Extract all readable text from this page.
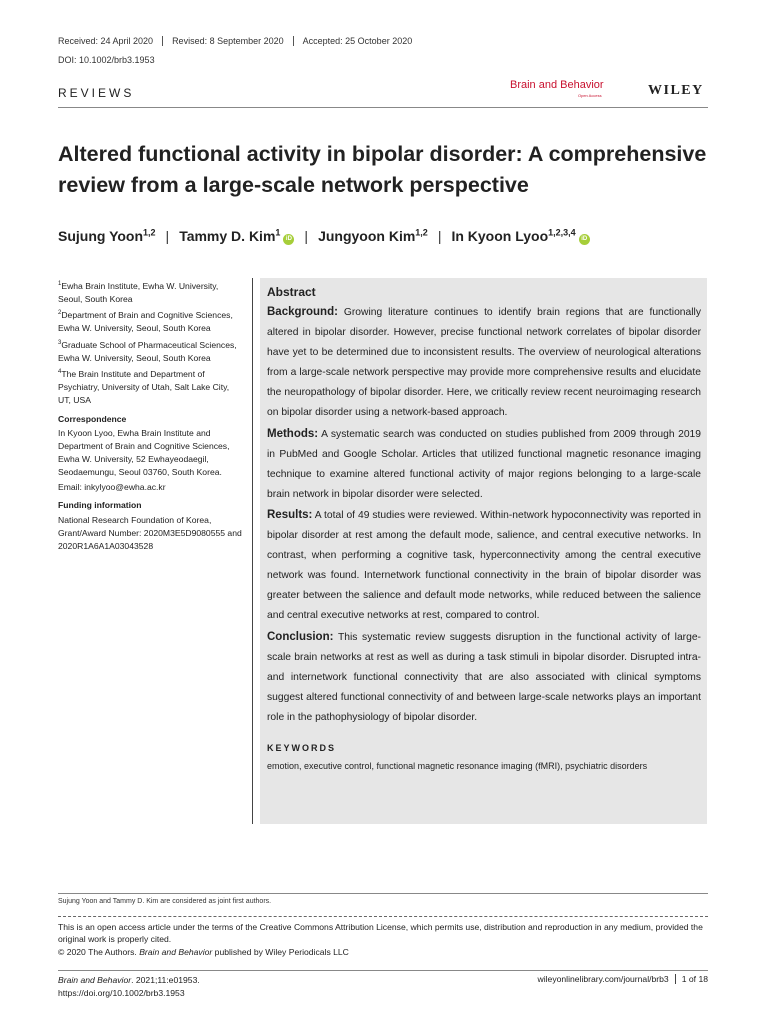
Received: 24 April 2020	Revised: 8 September 2020	Accepted: 25 October 2020
DOI: 10.1002/brb3.1953
REVIEWS
Brain and Behavior
Open Access	WILEY
Altered functional activity in bipolar disorder: A comprehensive review from a large-scale network perspective
Sujung Yoon$^{1,2}$ | Tammy D. Kim$^1$iD | Jungyoon Kim$^{1,2}$ | In Kyoon Lyoo$^{1,2,3,4}$iD

$^1$Ewha Brain Institute, Ewha W. University, Seoul, South Korea

$^2$Department of Brain and Cognitive Sciences, Ewha W. University, Seoul, South Korea

$^3$Graduate School of Pharmaceutical Sciences, Ewha W. University, Seoul, South Korea

$^4$The Brain Institute and Department of Psychiatry, University of Utah, Salt Lake City, UT, USA

Correspondence

In Kyoon Lyoo, Ewha Brain Institute and Department of Brain and Cognitive Sciences, Ewha W. University, 52 Ewhayeodaegil, Seodaemungu, Seoul 03760, South Korea.

Email: inkylyoo@ewha.ac.kr

Funding information

National Research Foundation of Korea, Grant/Award Number: 2020M3E5D9080555 and 2020R1A6A1A03043528

Abstract

Background: Growing literature continues to identify brain regions that are functionally altered in bipolar disorder. However, precise functional network correlates of bipolar disorder have yet to be determined due to inconsistent results. The overview of neurological alterations from a large-scale network perspective may provide more comprehensive results and elucidate the neuropathology of bipolar disorder. Here, we critically review recent neuroimaging research on bipolar disorder using a network-based approach.

Methods: A systematic search was conducted on studies published from 2009 through 2019 in PubMed and Google Scholar. Articles that utilized functional magnetic resonance imaging technique to examine altered functional activity of major regions belonging to a large-scale brain network in bipolar disorder were selected.

Results: A total of 49 studies were reviewed. Within-network hypoconnectivity was reported in bipolar disorder at rest among the default mode, salience, and central executive networks. In contrast, when performing a cognitive task, hyperconnectivity among the central executive network was found. Internetwork functional connectivity in the brain of bipolar disorder was greater between the salience and default mode networks, while reduced between the salience and central executive networks at rest, compared to control.

Conclusion: This systematic review suggests disruption in the functional activity of large-scale brain networks at rest as well as during a task stimuli in bipolar disorder. Disrupted intra- and internetwork functional connectivity that are also associated with clinical symptoms suggest altered functional connectivity of and between large-scale networks plays an important role in the pathophysiology of bipolar disorder.

KEYWORDS
emotion, executive control, functional magnetic resonance imaging (fMRI), psychiatric disorders
Sujung Yoon and Tammy D. Kim are considered as joint first authors.

This is an open access article under the terms of the Creative Commons Attribution License, which permits use, distribution and reproduction in any medium, provided the original work is properly cited.

© 2020 The Authors. Brain and Behavior published by Wiley Periodicals LLC

Brain and Behavior. 2021;11:e01953.
https://doi.org/10.1002/brb3.1953
wileyonlinelibrary.com/journal/brb3 1 of 18
